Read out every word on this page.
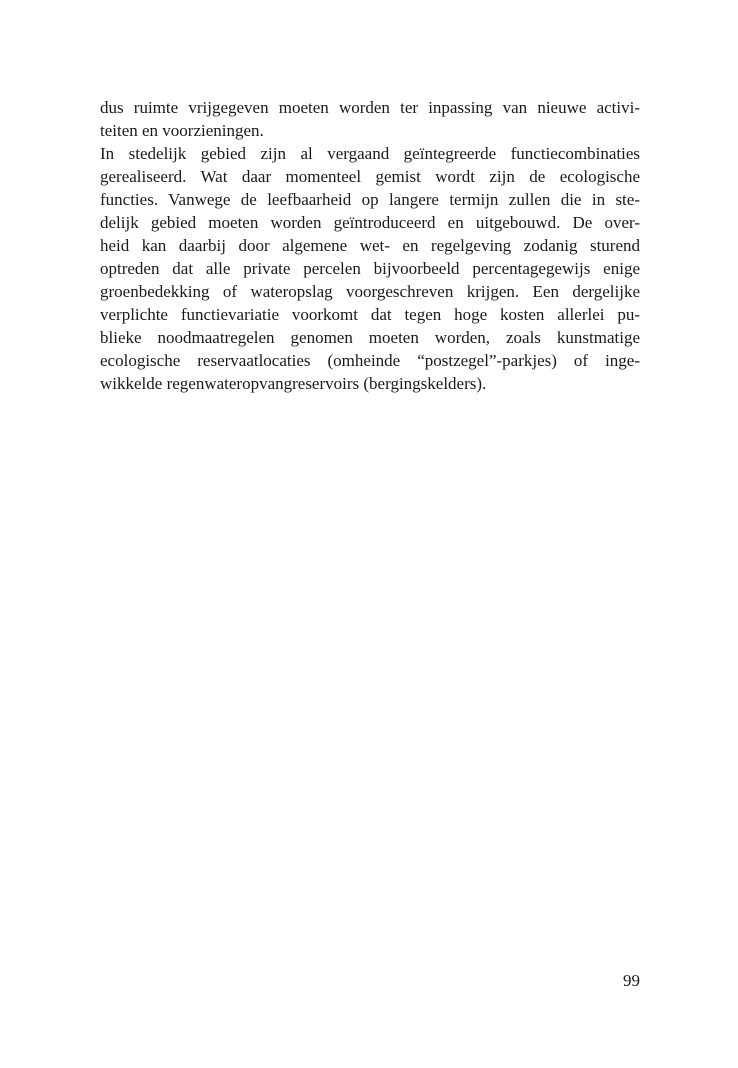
dus ruimte vrijgegeven moeten worden ter inpassing van nieuwe activi-
teiten en voorzieningen.
In stedelijk gebied zijn al vergaand geïntegreerde functiecombinaties
gerealiseerd. Wat daar momenteel gemist wordt zijn de ecologische
functies. Vanwege de leefbaarheid op langere termijn zullen die in ste-
delijk gebied moeten worden geïntroduceerd en uitgebouwd. De over-
heid kan daarbij door algemene wet- en regelgeving zodanig sturend
optreden dat alle private percelen bijvoorbeeld percentagegewijs enige
groenbedekking of wateropslag voorgeschreven krijgen. Een dergelijke
verplichte functievariatie voorkomt dat tegen hoge kosten allerlei pu-
blieke noodmaatregelen genomen moeten worden, zoals kunstmatige
ecologische reservaatlocaties (omheinde “postzegel”-parkjes) of inge-
wikkelde regenwateropvangreservoirs (bergingskelders).
99
